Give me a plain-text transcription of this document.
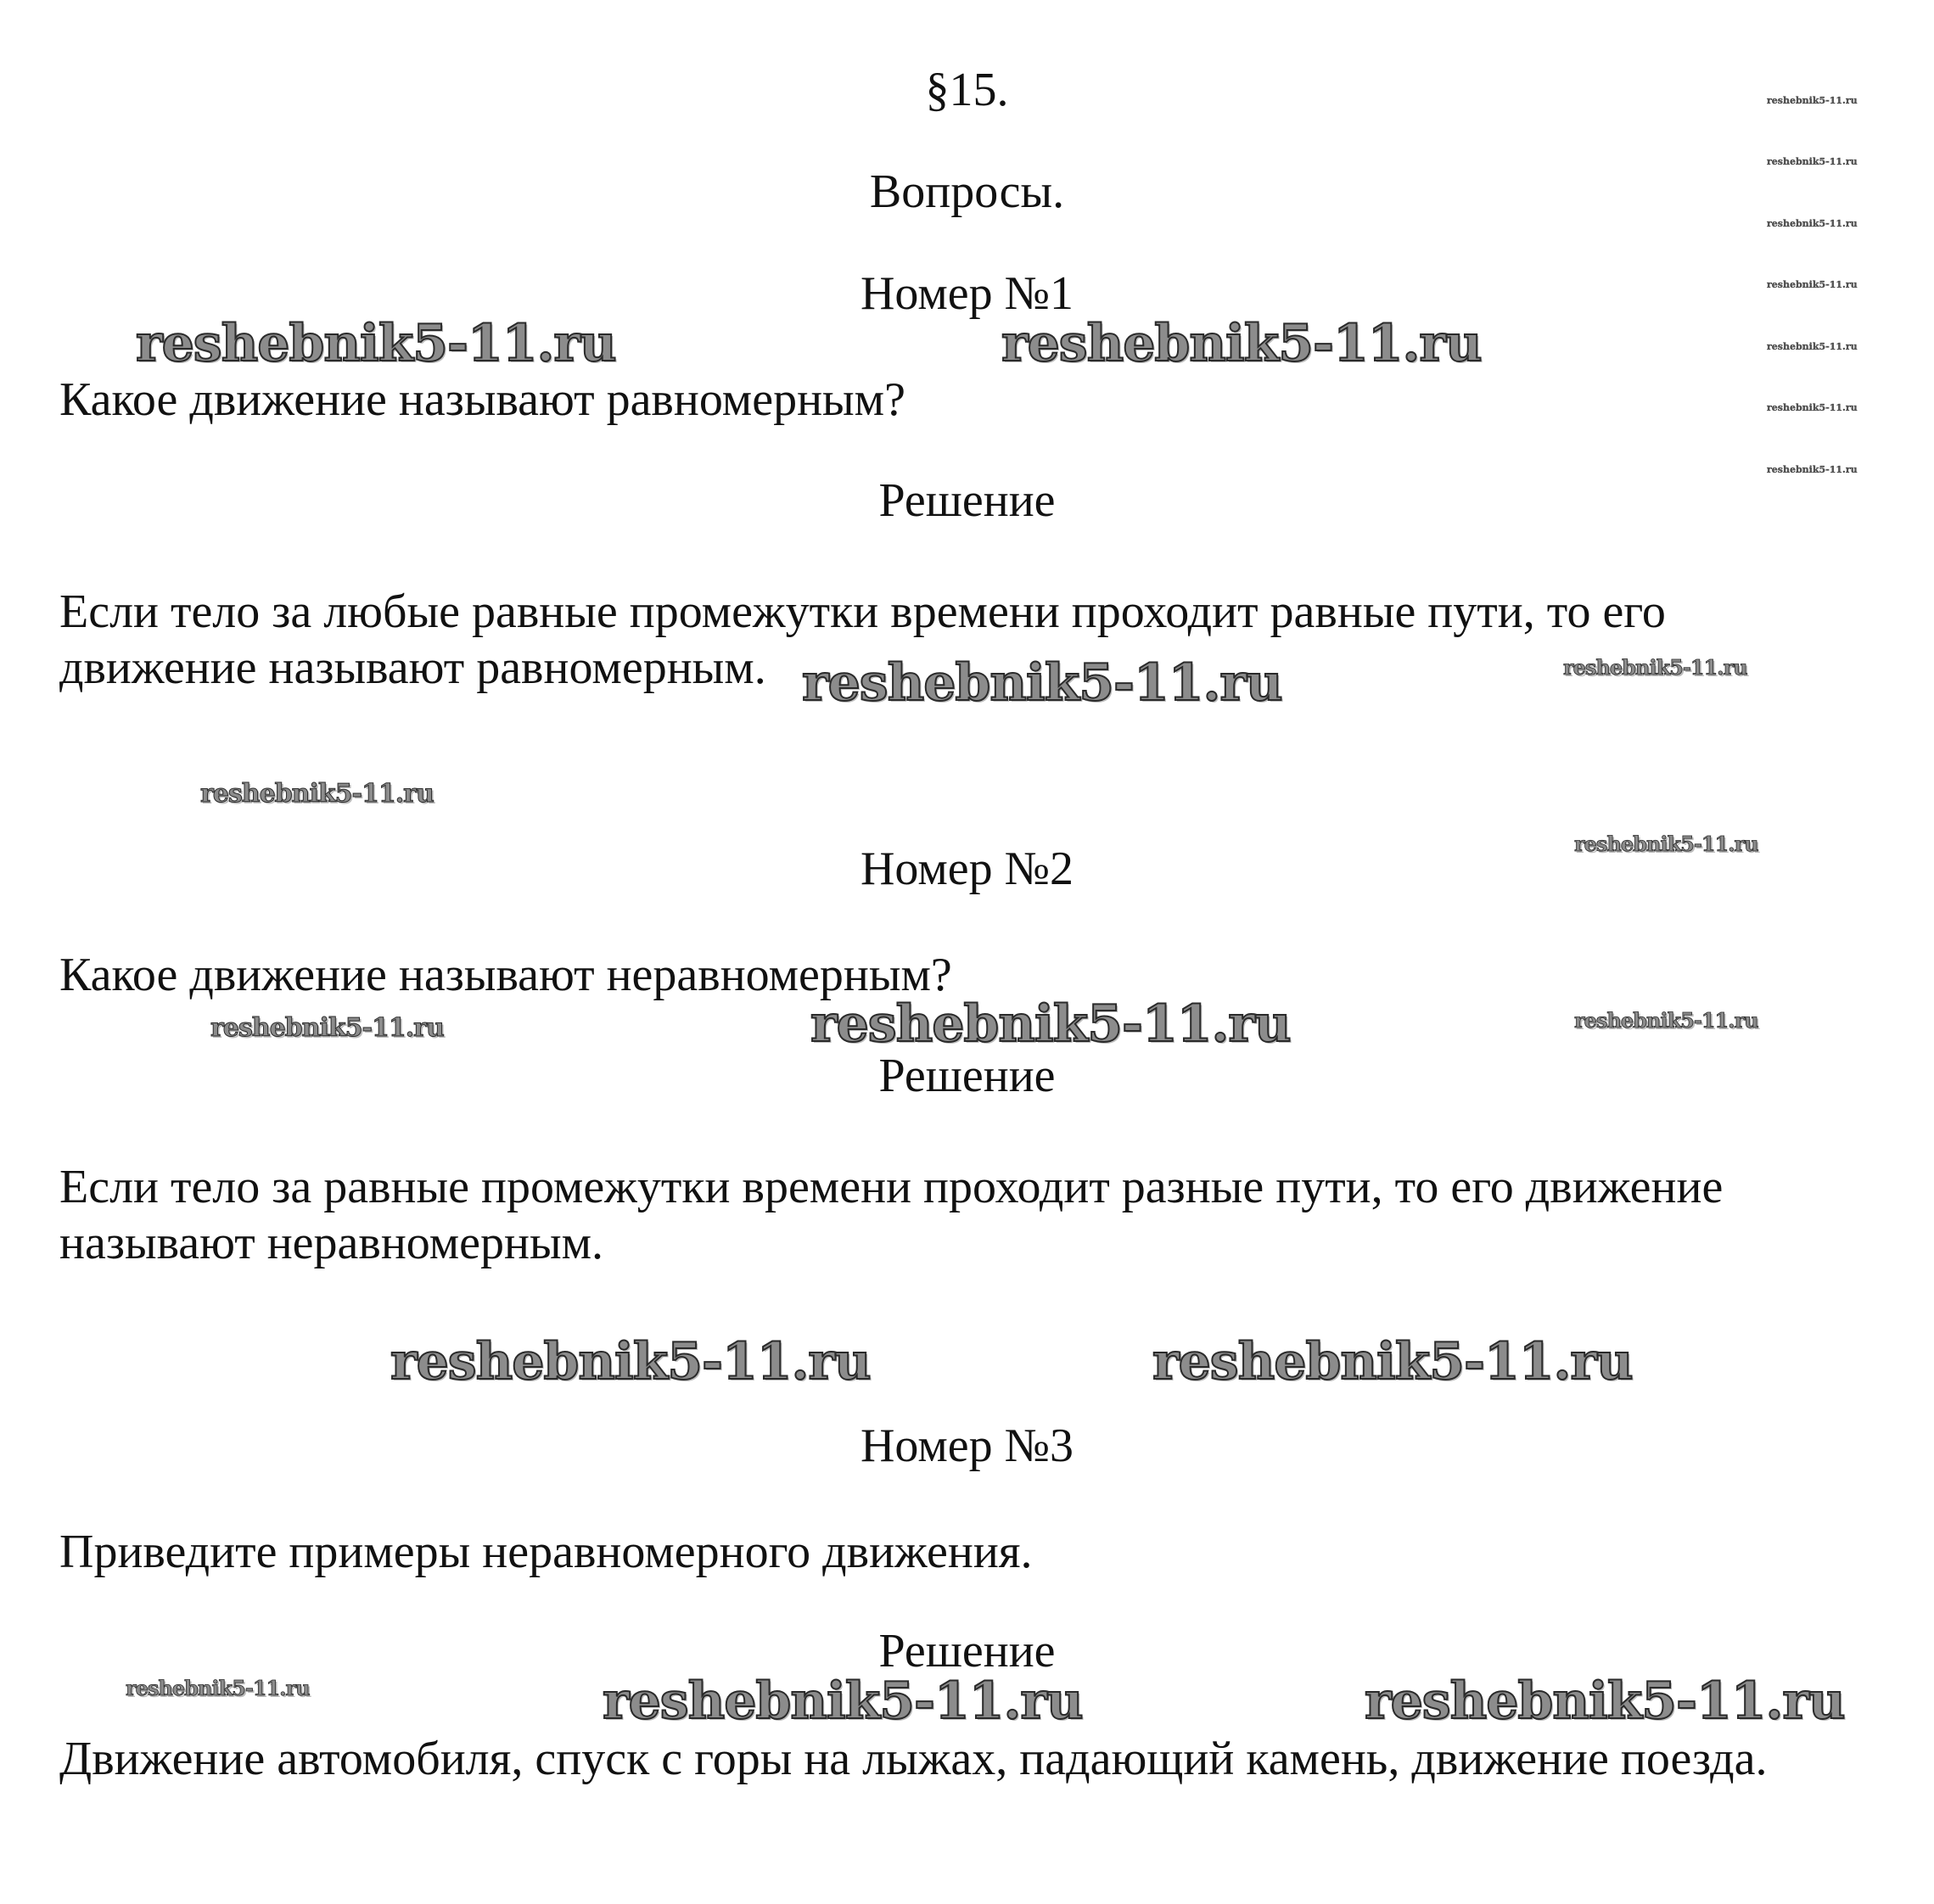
§15.
Вопросы.
Номер №1
Какое движение называют равномерным?
Решение
Если тело за любые равные промежутки времени проходит равные пути, то его движение называют равномерным.
Номер №2
Какое движение называют неравномерным?
Решение
Если тело за равные промежутки времени проходит разные пути, то его движение называют неравномерным.
Номер №3
Приведите примеры неравномерного движения.
Решение
Движение автомобиля, спуск с горы на лыжах, падающий камень, движение поезда.
reshebnik5-11.ru	reshebnik5-11.ru
reshebnik5-11.ru	reshebnik5-11.ru
reshebnik5-11.ru
reshebnik5-11.ru
reshebnik5-11.ru	reshebnik5-11.ru	reshebnik5-11.ru
reshebnik5-11.ru	reshebnik5-11.ru
reshebnik5-11.ru	reshebnik5-11.ru	reshebnik5-11.ru
reshebnik5-11.ru
reshebnik5-11.ru
reshebnik5-11.ru
reshebnik5-11.ru
reshebnik5-11.ru
reshebnik5-11.ru
reshebnik5-11.ru
